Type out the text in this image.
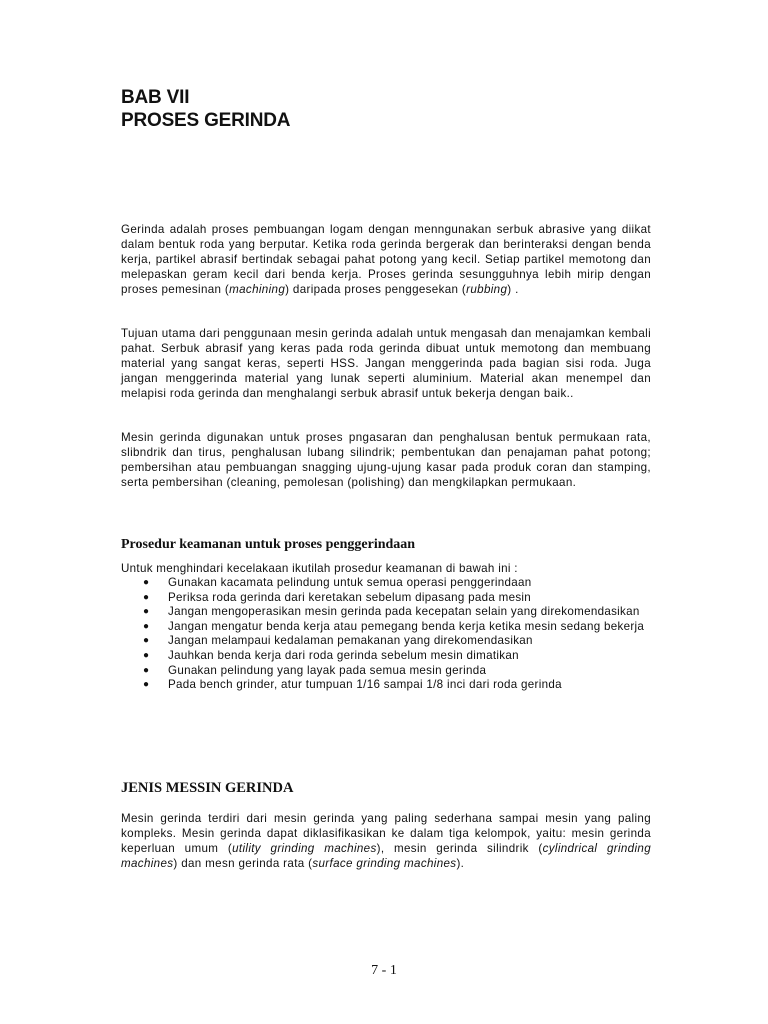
BAB VII
PROSES GERINDA
Gerinda adalah proses pembuangan logam dengan menngunakan serbuk abrasive yang diikat dalam bentuk roda yang berputar. Ketika roda gerinda bergerak dan berinteraksi dengan benda kerja, partikel abrasif bertindak sebagai pahat potong yang kecil. Setiap partikel memotong dan melepaskan geram kecil dari benda kerja. Proses gerinda sesungguhnya lebih mirip dengan proses pemesinan (machining) daripada proses penggesekan (rubbing) .
Tujuan utama dari penggunaan mesin gerinda adalah untuk mengasah dan menajamkan kembali pahat. Serbuk abrasif yang keras pada roda gerinda dibuat untuk memotong dan membuang material yang sangat keras, seperti HSS. Jangan menggerinda pada bagian sisi roda. Juga jangan menggerinda material yang lunak seperti aluminium. Material akan menempel dan melapisi roda gerinda dan menghalangi serbuk abrasif untuk bekerja dengan baik..
Mesin gerinda digunakan untuk proses pngasaran dan penghalusan bentuk permukaan rata, slibndrik dan tirus, penghalusan lubang silindrik; pembentukan dan penajaman pahat potong; pembersihan atau pembuangan snagging ujung-ujung kasar pada produk coran dan stamping, serta pembersihan (cleaning, pemolesan (polishing) dan mengkilapkan permukaan.
Prosedur keamanan untuk proses penggerindaan
Untuk menghindari kecelakaan ikutilah prosedur keamanan di bawah ini :
● Gunakan kacamata pelindung untuk semua operasi penggerindaan
● Periksa roda gerinda dari keretakan sebelum dipasang pada mesin
● Jangan mengoperasikan mesin gerinda pada kecepatan selain yang direkomendasikan
● Jangan mengatur benda kerja atau pemegang benda kerja ketika mesin sedang bekerja
● Jangan melampaui kedalaman pemakanan yang direkomendasikan
● Jauhkan benda kerja dari roda gerinda sebelum mesin dimatikan
● Gunakan pelindung yang layak pada semua mesin gerinda
● Pada bench grinder, atur tumpuan 1/16 sampai 1/8 inci dari roda gerinda
JENIS MESSIN GERINDA
Mesin gerinda terdiri dari mesin gerinda yang paling sederhana sampai mesin yang paling kompleks. Mesin gerinda dapat diklasifikasikan ke dalam tiga kelompok, yaitu: mesin gerinda keperluan umum (utility grinding machines), mesin gerinda silindrik (cylindrical grinding machines) dan mesn gerinda rata (surface grinding machines).
7 - 1
